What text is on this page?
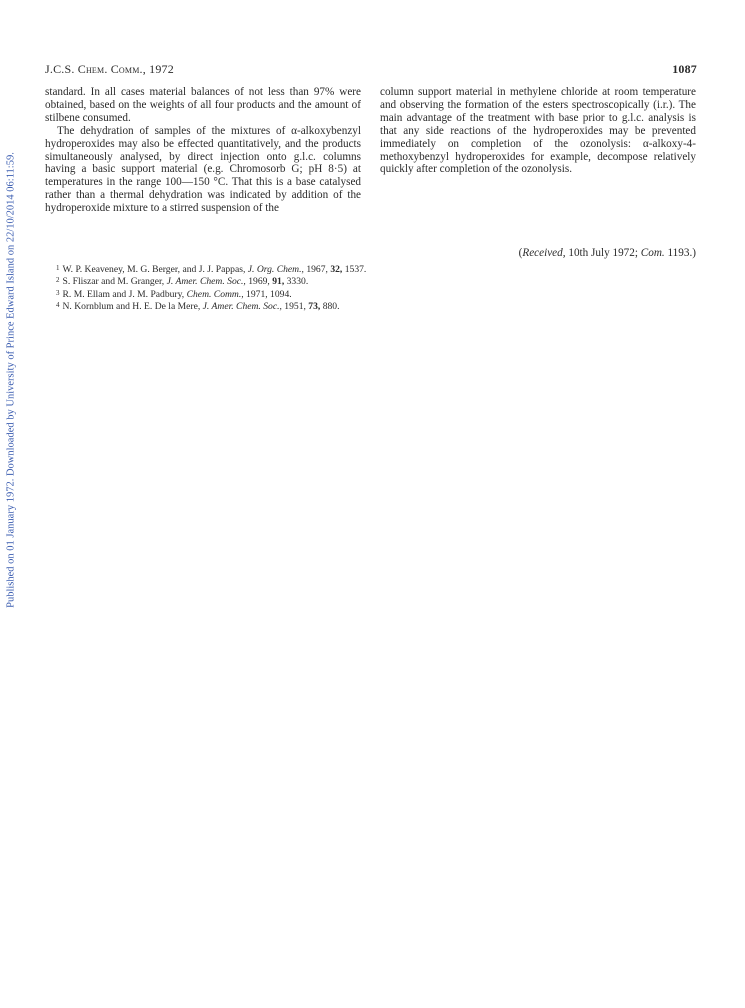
Published on 01 January 1972. Downloaded by University of Prince Edward Island on 22/10/2014 06:11:59.
J.C.S. Chem. Comm., 1972	1087

standard. In all cases material balances of not less than 97% were obtained, based on the weights of all four products and the amount of stilbene consumed.

The dehydration of samples of the mixtures of α-alkoxybenzyl hydroperoxides may also be effected quantitatively, and the products simultaneously analysed, by direct injection onto g.l.c. columns having a basic support material (e.g. Chromosorb G; pH 8·5) at temperatures in the range 100—150 °C. That this is a base catalysed rather than a thermal dehydration was indicated by addition of the hydroperoxide mixture to a stirred suspension of the

column support material in methylene chloride at room temperature and observing the formation of the esters spectroscopically (i.r.). The main advantage of the treatment with base prior to g.l.c. analysis is that any side reactions of the hydroperoxides may be prevented immediately on completion of the ozonolysis: α-alkoxy-4-methoxybenzyl hydroperoxides for example, decompose relatively quickly after completion of the ozonolysis.

(Received, 10th July 1972; Com. 1193.)
$^1$ W. P. Keaveney, M. G. Berger, and J. J. Pappas, J. Org. Chem., 1967, 32, 1537.
$^2$ S. Fliszar and M. Granger, J. Amer. Chem. Soc., 1969, 91, 3330.
$^3$ R. M. Ellam and J. M. Padbury, Chem. Comm., 1971, 1094.
$^4$ N. Kornblum and H. E. De la Mere, J. Amer. Chem. Soc., 1951, 73, 880.
